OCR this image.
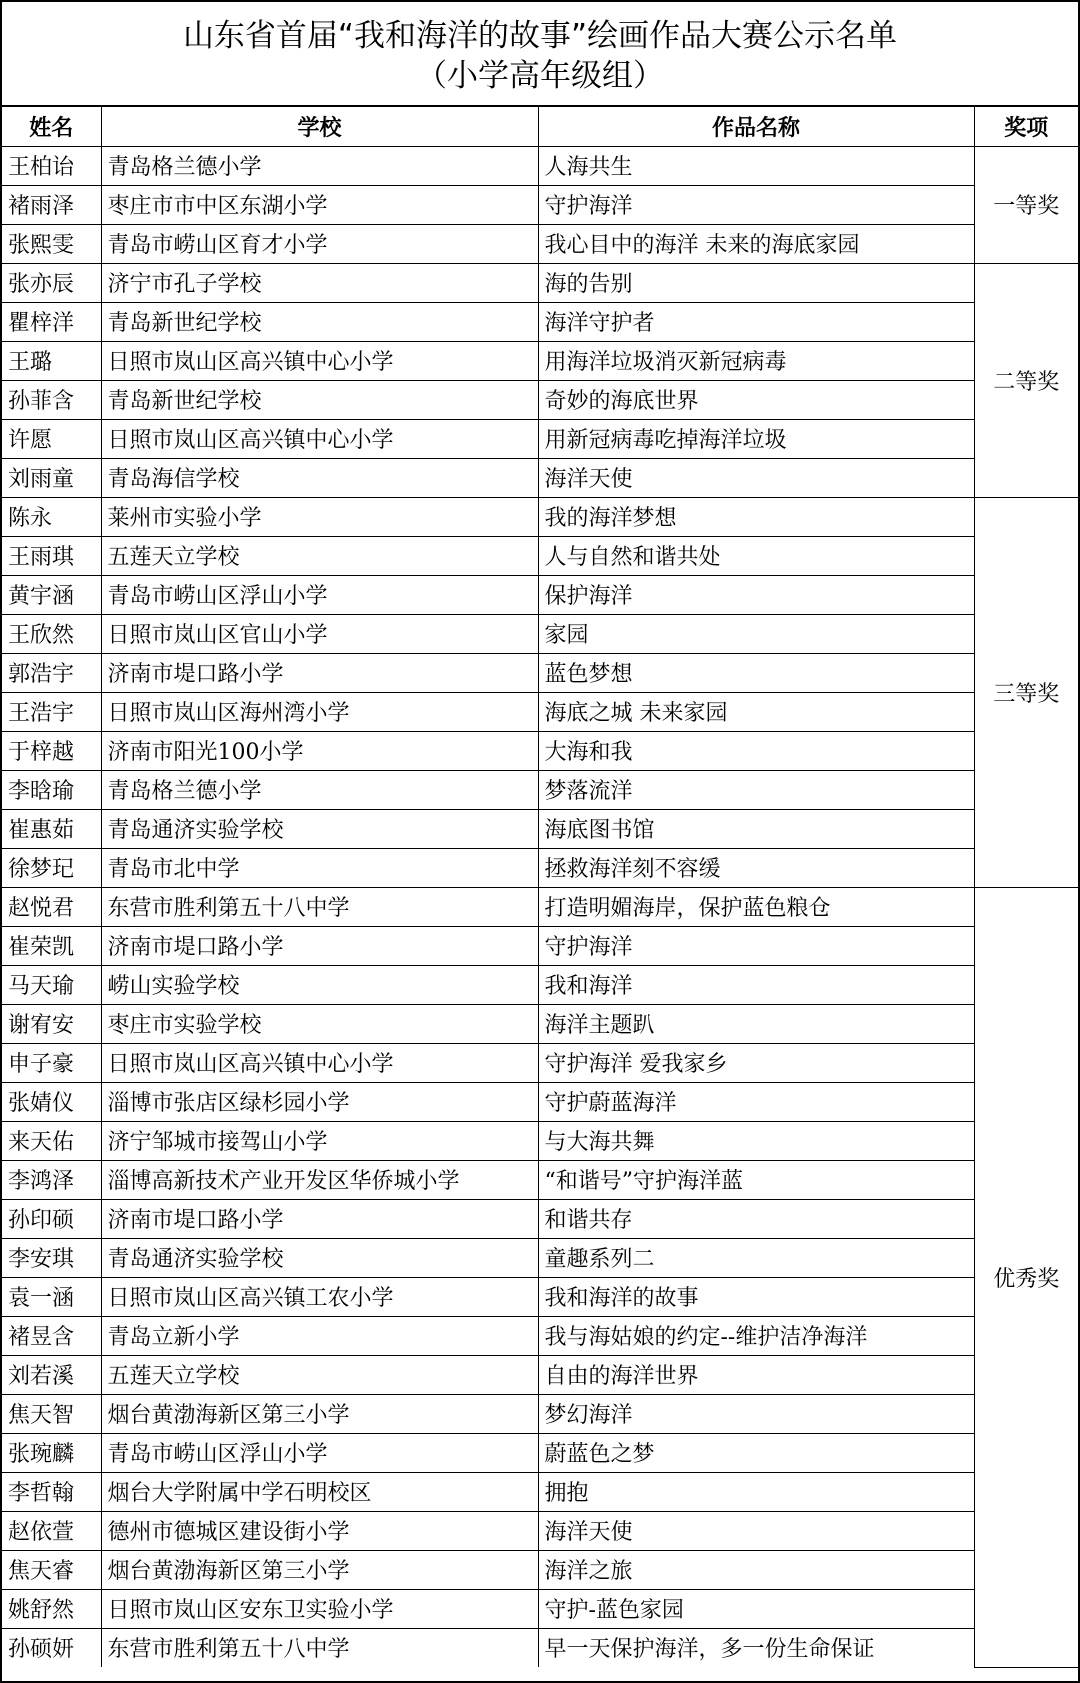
山东省首届“我和海洋的故事”绘画作品大赛公示名单
（小学高年级组）
姓名	学校	作品名称	奖项
王柏诒	青岛格兰德小学	人海共生	一等奖
褚雨泽	枣庄市市中区东湖小学	守护海洋	
张熙雯	青岛市崂山区育才小学	我心目中的海洋 未来的海底家园	
张亦辰	济宁市孔子学校	海的告别	二等奖
瞿梓洋	青岛新世纪学校	海洋守护者	
王璐	日照市岚山区高兴镇中心小学	用海洋垃圾消灭新冠病毒	
孙菲含	青岛新世纪学校	奇妙的海底世界	
许愿	日照市岚山区高兴镇中心小学	用新冠病毒吃掉海洋垃圾	
刘雨童	青岛海信学校	海洋天使	
陈永	莱州市实验小学	我的海洋梦想	三等奖
王雨琪	五莲天立学校	人与自然和谐共处	
黄宇涵	青岛市崂山区浮山小学	保护海洋	
王欣然	日照市岚山区官山小学	家园	
郭浩宇	济南市堤口路小学	蓝色梦想	
王浩宇	日照市岚山区海州湾小学	海底之城 未来家园	
于梓越	济南市阳光100小学	大海和我	
李晗瑜	青岛格兰德小学	梦落流洋	
崔惠茹	青岛通济实验学校	海底图书馆	
徐梦玘	青岛市北中学	拯救海洋刻不容缓	
赵悦君	东营市胜利第五十八中学	打造明媚海岸，保护蓝色粮仓	优秀奖
崔荣凯	济南市堤口路小学	守护海洋	
马天瑜	崂山实验学校	我和海洋	
谢宥安	枣庄市实验学校	海洋主题趴	
申子豪	日照市岚山区高兴镇中心小学	守护海洋 爱我家乡	
张婧仪	淄博市张店区绿杉园小学	守护蔚蓝海洋	
来天佑	济宁邹城市接驾山小学	与大海共舞	
李鸿泽	淄博高新技术产业开发区华侨城小学	“和谐号”守护海洋蓝	
孙印硕	济南市堤口路小学	和谐共存	
李安琪	青岛通济实验学校	童趣系列二	
袁一涵	日照市岚山区高兴镇工农小学	我和海洋的故事	
褚昱含	青岛立新小学	我与海姑娘的约定--维护洁净海洋	
刘若溪	五莲天立学校	自由的海洋世界	
焦天智	烟台黄渤海新区第三小学	梦幻海洋	
张琬麟	青岛市崂山区浮山小学	蔚蓝色之梦	
李哲翰	烟台大学附属中学石明校区	拥抱	
赵依萱	德州市德城区建设街小学	海洋天使	
焦天睿	烟台黄渤海新区第三小学	海洋之旅	
姚舒然	日照市岚山区安东卫实验小学	守护-蓝色家园	
孙硕妍	东营市胜利第五十八中学	早一天保护海洋，多一份生命保证	
